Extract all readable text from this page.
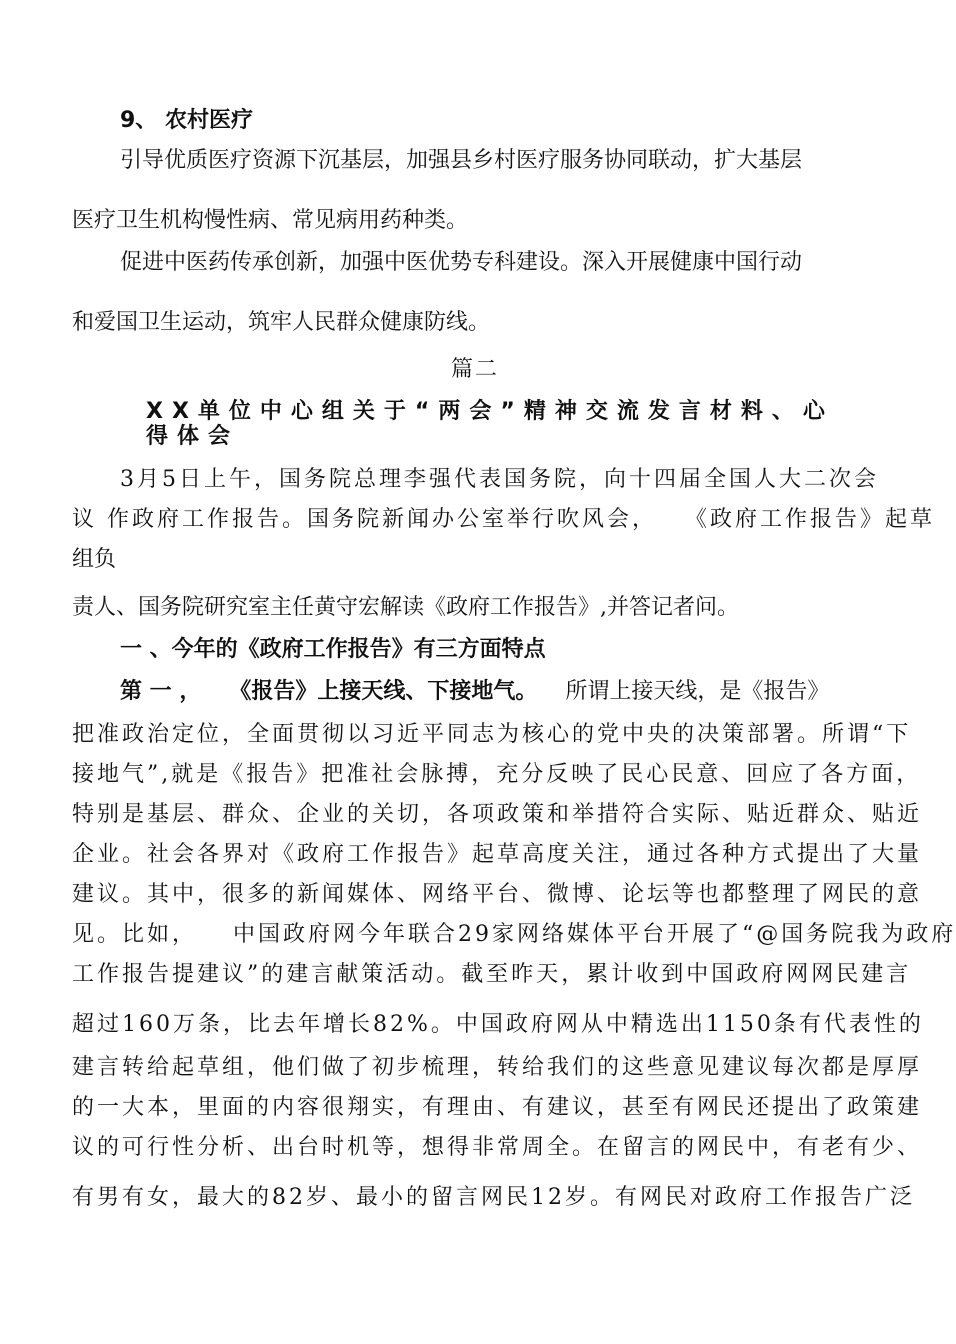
9、 农村医疗
引导优质医疗资源下沉基层，加强县乡村医疗服务协同联动，扩大基层
医疗卫生机构慢性病、常见病用药种类。
促进中医药传承创新，加强中医优势专科建设。深入开展健康中国行动
和爱国卫生运动，筑牢人民群众健康防线。
篇二
XX单位中心组关于“两会”精神交流发言材料、心
得体会
3月5日上午，国务院总理李强代表国务院，向十四届全国人大二次会
议 作政府工作报告。国务院新闻办公室举行吹风会， 《政府工作报告》起草
组负
责人、国务院研究室主任黄守宏解读《政府工作报告》,并答记者问。
一 、今年的《政府工作报告》有三方面特点
第 一 ， 《报告》上接天线、下接地气。 所谓上接天线，是《报告》
把准政治定位，全面贯彻以习近平同志为核心的党中央的决策部署。所谓“下
接地气”,就是《报告》把准社会脉搏，充分反映了民心民意、回应了各方面，
特别是基层、群众、企业的关切，各项政策和举措符合实际、贴近群众、贴近
企业。社会各界对《政府工作报告》起草高度关注，通过各种方式提出了大量
建议。其中，很多的新闻媒体、网络平台、微博、论坛等也都整理了网民的意
见。比如， 中国政府网今年联合29家网络媒体平台开展了“@国务院我为政府
工作报告提建议”的建言献策活动。截至昨天，累计收到中国政府网网民建言
超过160万条，比去年增长82%。中国政府网从中精选出1150条有代表性的
建言转给起草组，他们做了初步梳理，转给我们的这些意见建议每次都是厚厚
的一大本，里面的内容很翔实，有理由、有建议，甚至有网民还提出了政策建
议的可行性分析、出台时机等，想得非常周全。在留言的网民中，有老有少、
有男有女，最大的82岁、最小的留言网民12岁。有网民对政府工作报告广泛
